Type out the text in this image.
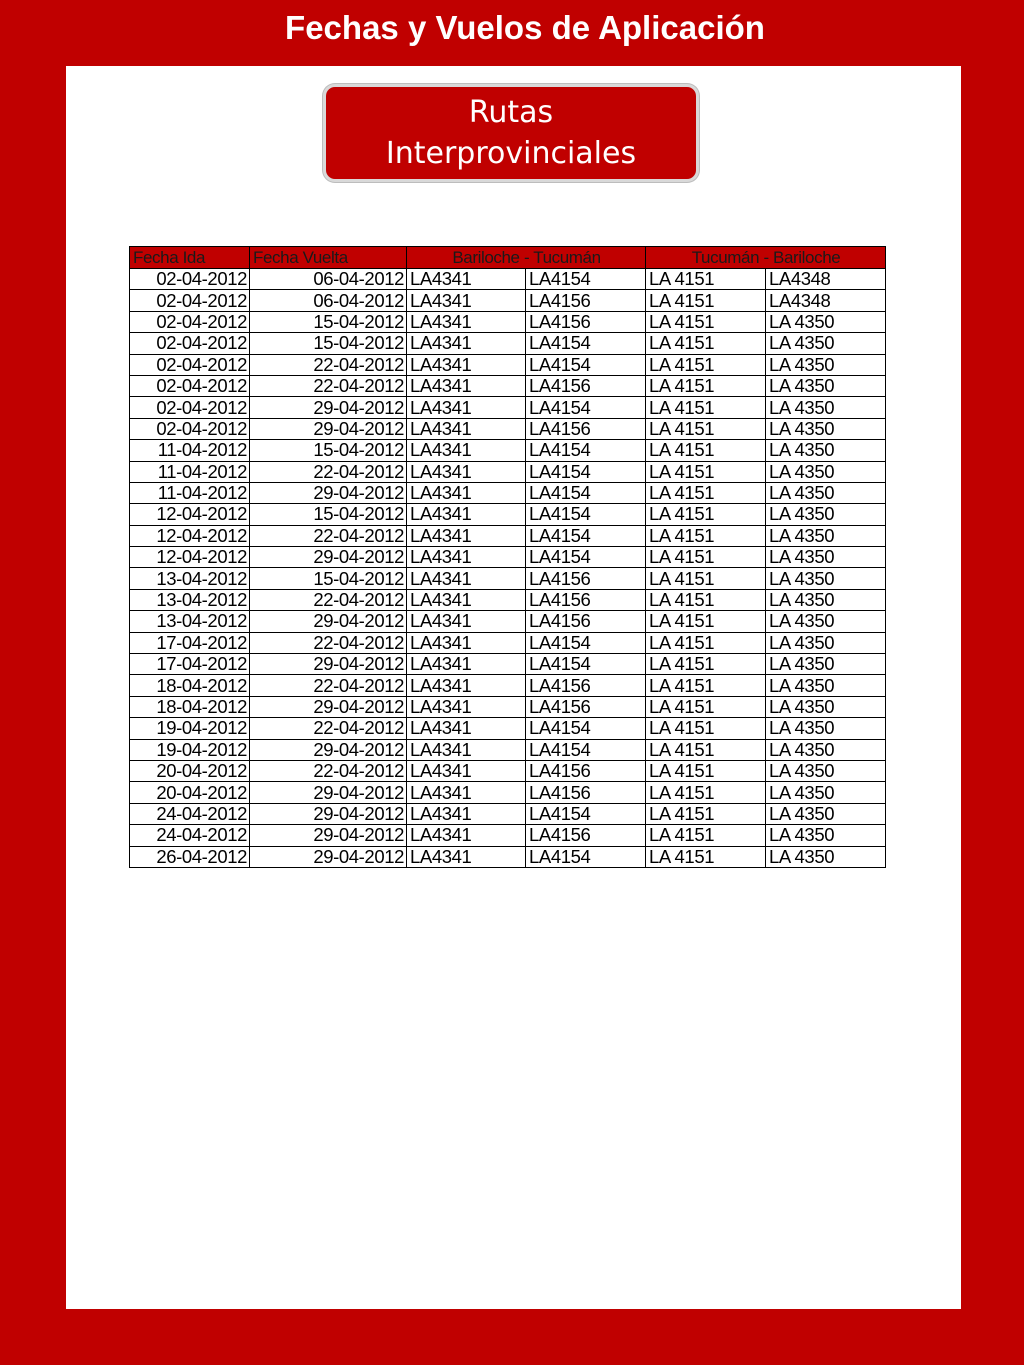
Fechas y Vuelos de Aplicación
Rutas Interprovinciales
Fecha Ida	Fecha Vuelta	Bariloche - Tucumán		Tucumán - Bariloche	
02-04-2012	06-04-2012	LA4341	LA4154	LA 4151	LA4348
02-04-2012	06-04-2012	LA4341	LA4156	LA 4151	LA4348
02-04-2012	15-04-2012	LA4341	LA4156	LA 4151	LA 4350
02-04-2012	15-04-2012	LA4341	LA4154	LA 4151	LA 4350
02-04-2012	22-04-2012	LA4341	LA4154	LA 4151	LA 4350
02-04-2012	22-04-2012	LA4341	LA4156	LA 4151	LA 4350
02-04-2012	29-04-2012	LA4341	LA4154	LA 4151	LA 4350
02-04-2012	29-04-2012	LA4341	LA4156	LA 4151	LA 4350
11-04-2012	15-04-2012	LA4341	LA4154	LA 4151	LA 4350
11-04-2012	22-04-2012	LA4341	LA4154	LA 4151	LA 4350
11-04-2012	29-04-2012	LA4341	LA4154	LA 4151	LA 4350
12-04-2012	15-04-2012	LA4341	LA4154	LA 4151	LA 4350
12-04-2012	22-04-2012	LA4341	LA4154	LA 4151	LA 4350
12-04-2012	29-04-2012	LA4341	LA4154	LA 4151	LA 4350
13-04-2012	15-04-2012	LA4341	LA4156	LA 4151	LA 4350
13-04-2012	22-04-2012	LA4341	LA4156	LA 4151	LA 4350
13-04-2012	29-04-2012	LA4341	LA4156	LA 4151	LA 4350
17-04-2012	22-04-2012	LA4341	LA4154	LA 4151	LA 4350
17-04-2012	29-04-2012	LA4341	LA4154	LA 4151	LA 4350
18-04-2012	22-04-2012	LA4341	LA4156	LA 4151	LA 4350
18-04-2012	29-04-2012	LA4341	LA4156	LA 4151	LA 4350
19-04-2012	22-04-2012	LA4341	LA4154	LA 4151	LA 4350
19-04-2012	29-04-2012	LA4341	LA4154	LA 4151	LA 4350
20-04-2012	22-04-2012	LA4341	LA4156	LA 4151	LA 4350
20-04-2012	29-04-2012	LA4341	LA4156	LA 4151	LA 4350
24-04-2012	29-04-2012	LA4341	LA4154	LA 4151	LA 4350
24-04-2012	29-04-2012	LA4341	LA4156	LA 4151	LA 4350
26-04-2012	29-04-2012	LA4341	LA4154	LA 4151	LA 4350
